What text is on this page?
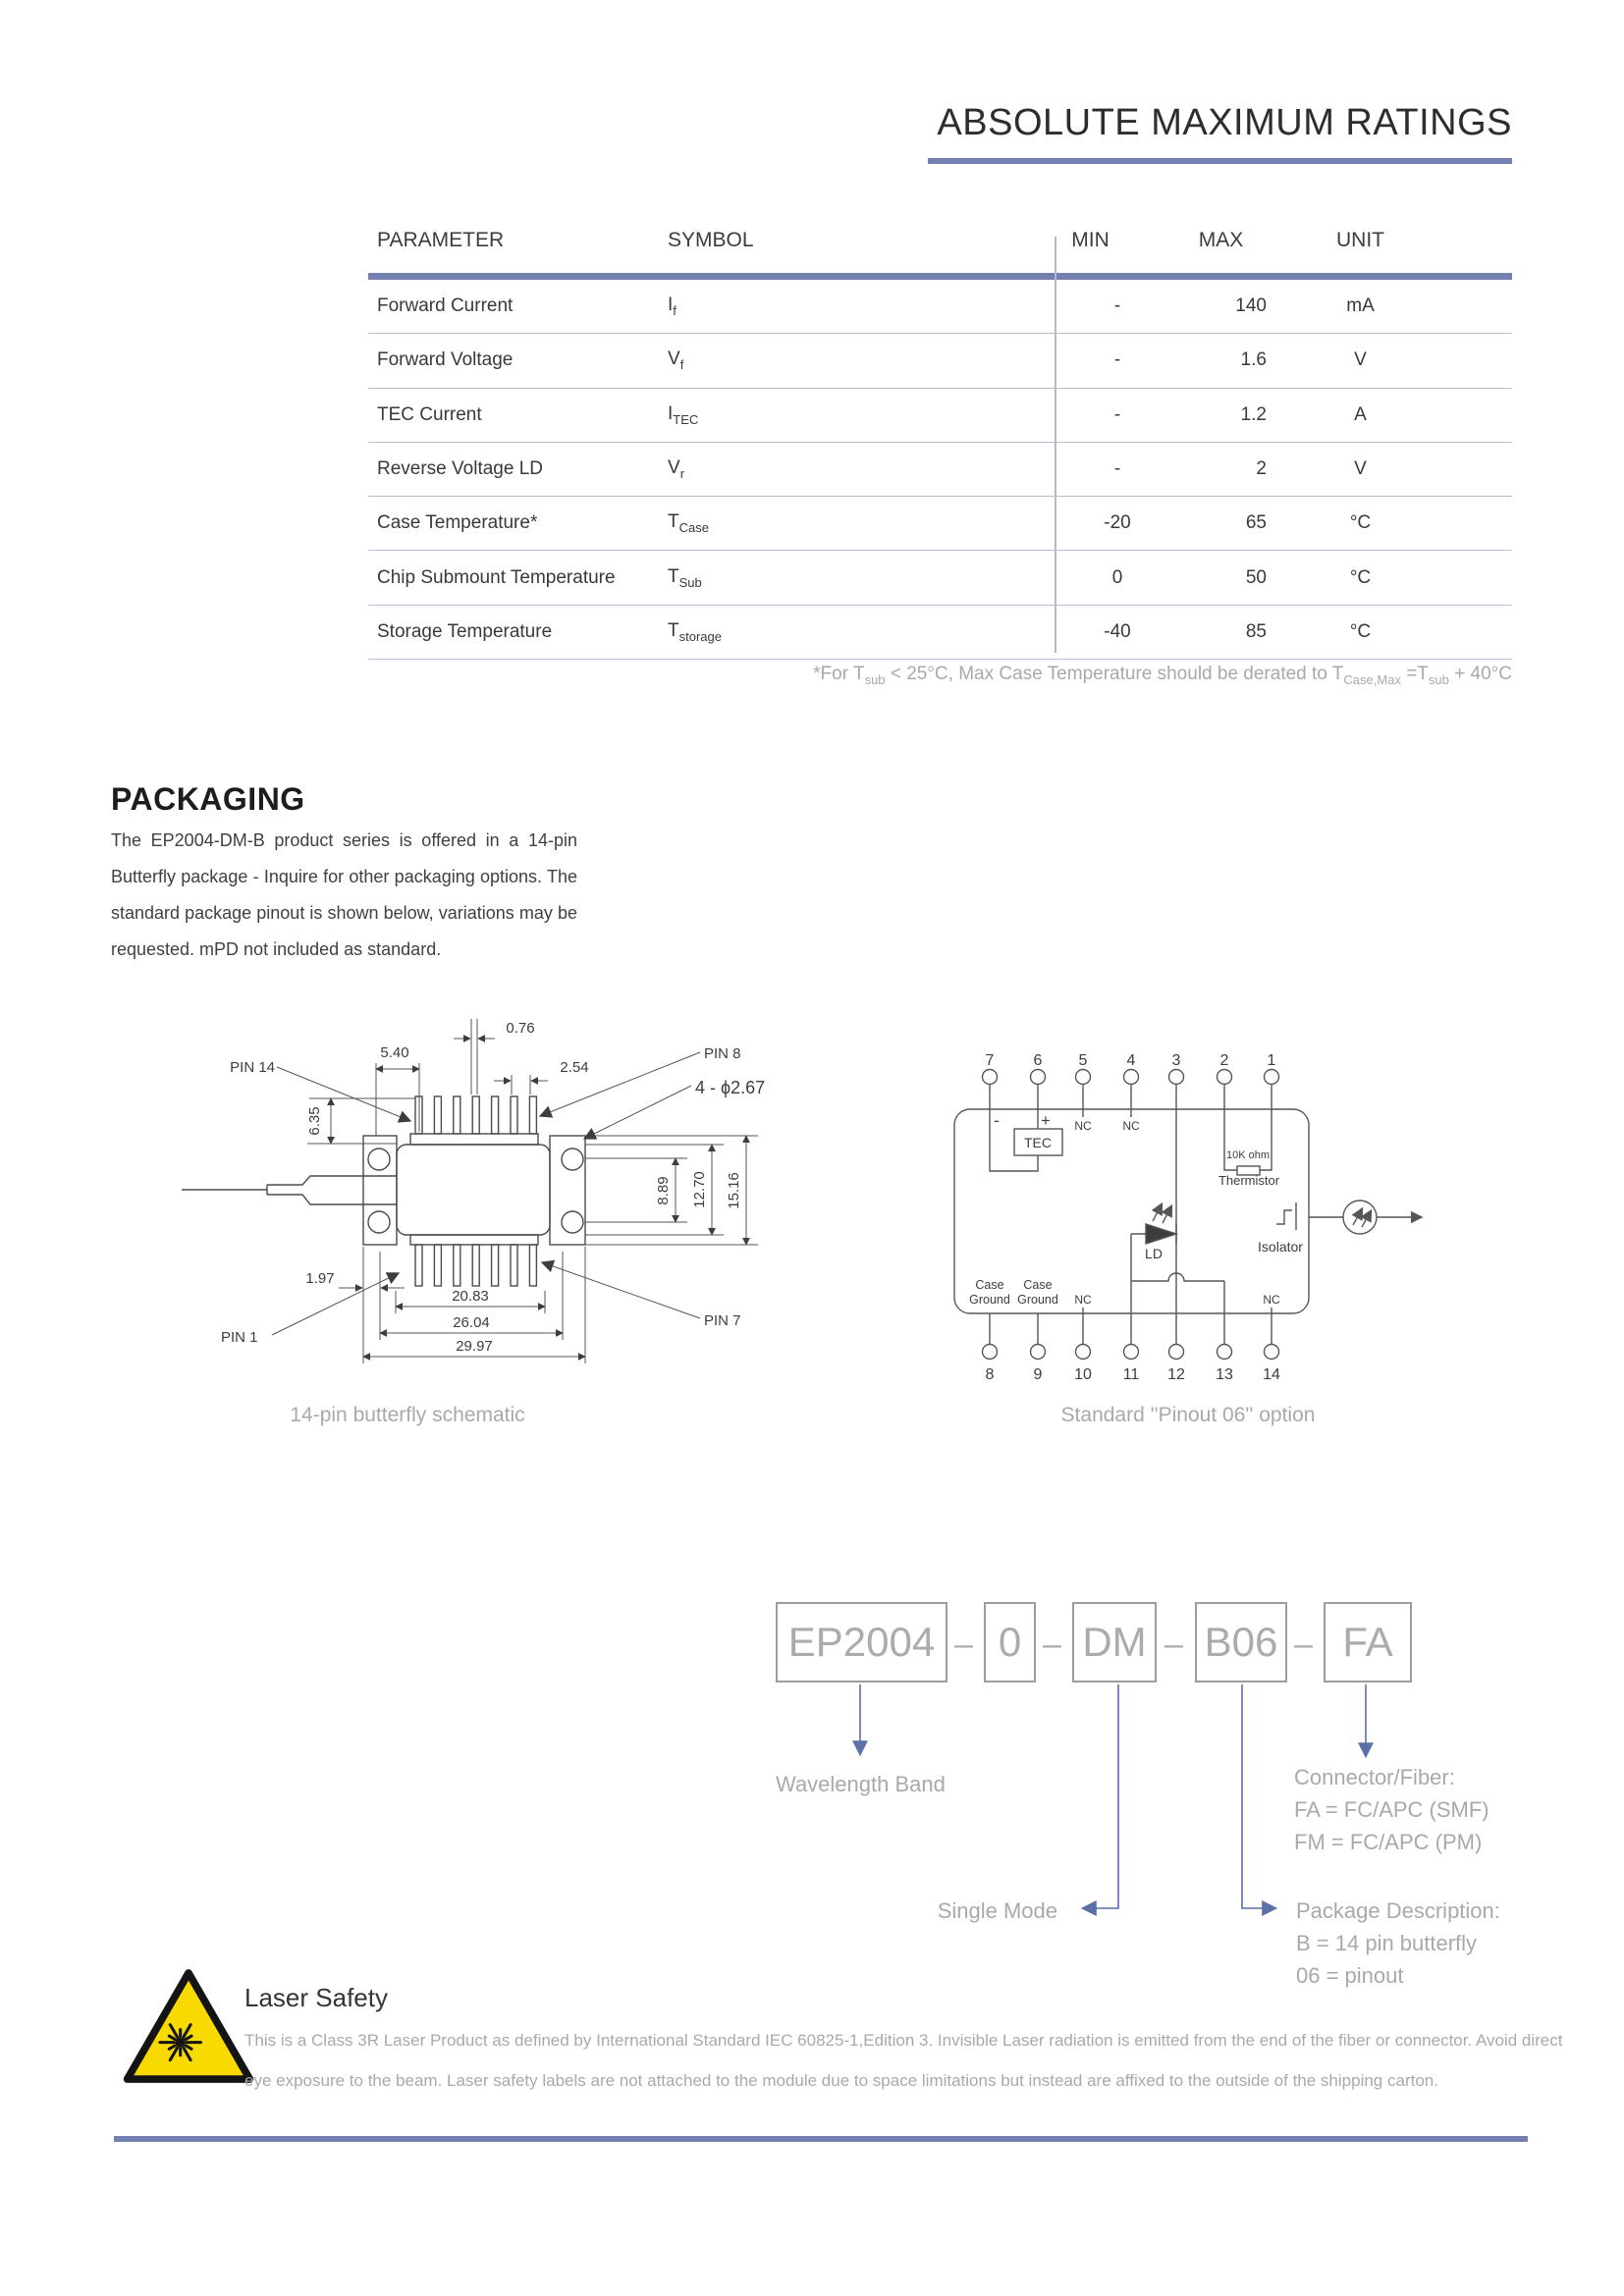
ABSOLUTE MAXIMUM RATINGS
PARAMETER	SYMBOL	MIN	MAX	UNIT
Forward Current	$I_f$	-	140	mA
Forward Voltage	$V_f$	-	1.6	V
TEC Current	$I_{TEC}$	-	1.2	A
Reverse Voltage LD	$V_r$	-	2	V
Case Temperature*	$T_{Case}$	-20	65	°C
Chip Submount Temperature	$T_{Sub}$	0	50	°C
Storage Temperature	$T_{storage}$	-40	85	°C
*For $T_{sub} < 25^\circ C$, Max Case Temperature should be derated to $T_{Case,Max} =T_{sub} + 40^\circ C$
PACKAGING
The EP2004-DM-B product series is offered in a 14-pin Butterfly package - Inquire for other packaging options. The standard package pinout is shown below, variations may be requested. mPD not included as standard.
PIN 14
PIN 8
PIN 1
PIN 7
0.76
5.40
2.54
4 - ϕ2.67
6.35
8.89 12.70 15.16
1.97
20.83
26.04
29.97
14-pin butterfly schematic
7	6 5	4 3	2 1
8	9 10 11 12 13 14
TEC
- + NC	NC
10K ohm
Thermistor
LD	Isolator
Case
Ground
Case
Ground NC	NC
Standard ''Pinout 06'' option
EP2004 – 0 – DM – B06 – FA
Wavelength Band
Single Mode
Connector/Fiber:
FA = FC/APC (SMF)
FM = FC/APC (PM)
Package Description:
B = 14 pin butterfly
06 = pinout
Laser Safety
This is a Class 3R Laser Product as defined by International Standard IEC 60825-1,Edition 3. Invisible Laser radiation is emitted from the end of the fiber or connector. Avoid direct
eye exposure to the beam. Laser safety labels are not attached to the module due to space limitations but instead are affixed to the outside of the shipping carton.
